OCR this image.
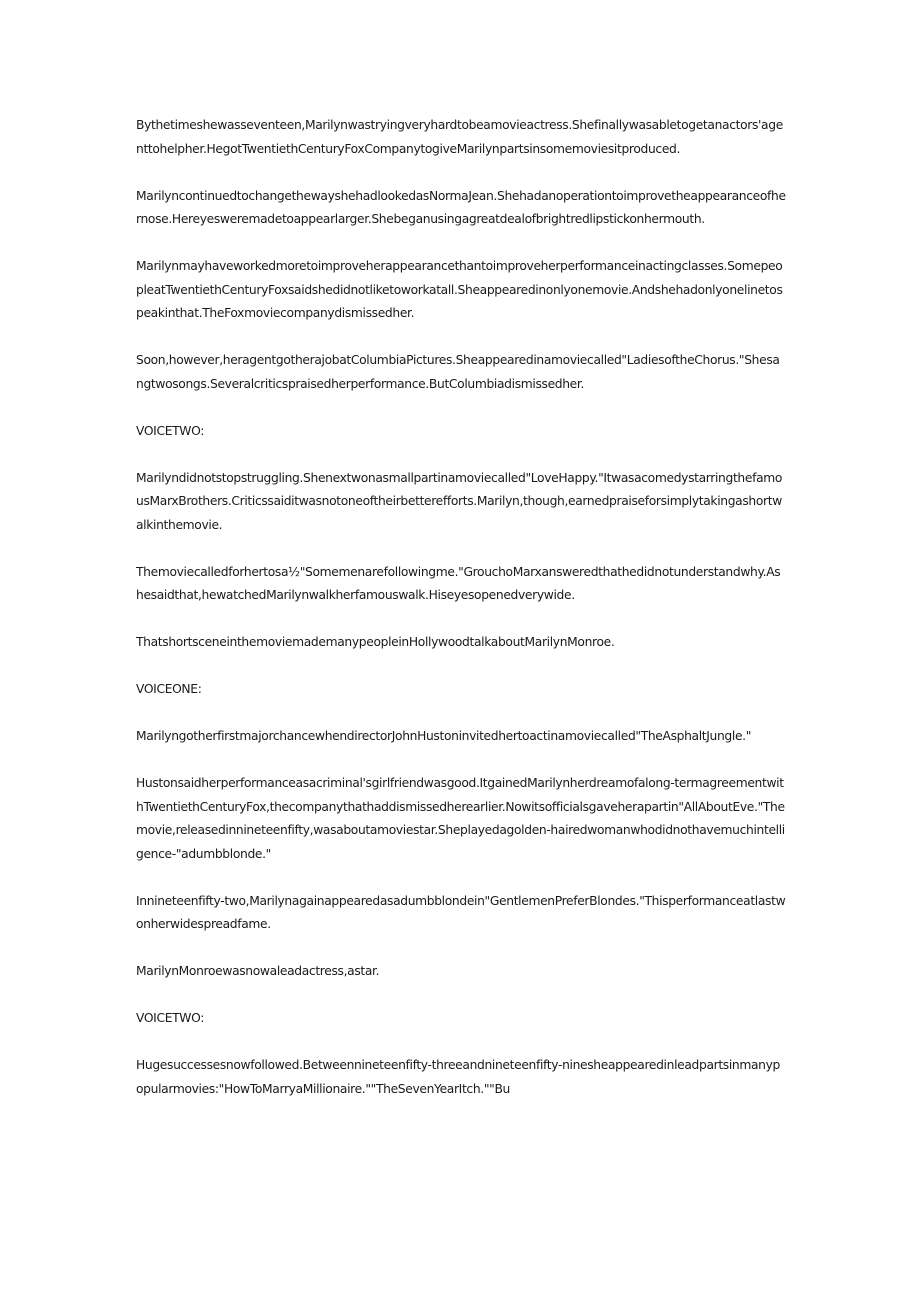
Bythetimeshewasseventeen,Marilynwastryingveryhardtobeamovieactress.Shefinallywasabletogetanactors'agenttohelpher.HegotTwentiethCenturyFoxCompanytogiveMarilynpartsinsomemoviesitproduced.

MarilyncontinuedtochangethewayshehadlookedasNormaJean.Shehadanoperationtoimprovetheappearanceofhernose.Hereyesweremadetoappearlarger.Shebeganusingagreatdealofbrightredlipstickonhermouth.

Marilynmayhaveworkedmoretoimproveherappearancethantoimproveherperformanceinactingclasses.SomepeopleatTwentiethCenturyFoxsaidshedidnotliketoworkatall.Sheappearedinonlyonemovie.Andshehadonlyonelinetospeakinthat.TheFoxmoviecompanydismissedher.

Soon,however,heragentgotherajobatColumbiaPictures.Sheappearedinamoviecalled"LadiesoftheChorus."Shesangtwosongs.Severalcriticspraisedherperformance.ButColumbiadismissedher.

VOICETWO:

Marilyndidnotstopstruggling.Shenextwonasmallpartinamoviecalled"LoveHappy."ItwasacomedystarringthefamousMarxBrothers.Criticssaiditwasnotoneoftheirbetterefforts.Marilyn,though,earnedpraiseforsimplytakingashortwalkinthemovie.

Themoviecalledforhertosa½"Somemenarefollowingme."GrouchoMarxansweredthathedidnotunderstandwhy.Ashesaidthat,hewatchedMarilynwalkherfamouswalk.Hiseyesopenedverywide.

ThatshortsceneinthemoviemademanypeopleinHollywoodtalkaboutMarilynMonroe.

VOICEONE:

MarilyngotherfirstmajorchancewhendirectorJohnHustoninvitedhertoactinamoviecalled"TheAsphaltJungle."

Hustonsaidherperformanceasacriminal'sgirlfriendwasgood.ItgainedMarilynherdreamofalong-termagreementwithTwentiethCenturyFox,thecompanythathaddismissedherearlier.Nowitsofficialsgaveherapartin"AllAboutEve."Themovie,releasedinnineteenfifty,wasaboutamoviestar.Sheplayedagolden-hairedwomanwhodidnothavemuchintelligence-"adumbblonde."

Innineteenfifty-two,Marilynagainappearedasadumbblondein"GentlemenPreferBlondes."Thisperformanceatlastwonherwidespreadfame.

MarilynMonroewasnowaleadactress,astar.

VOICETWO:

Hugesuccessesnowfollowed.Betweennineteenfifty-threeandnineteenfifty-ninesheappearedinleadpartsinmanypopularmovies:"HowToMarryaMillionaire.""TheSevenYearItch.""Bu
